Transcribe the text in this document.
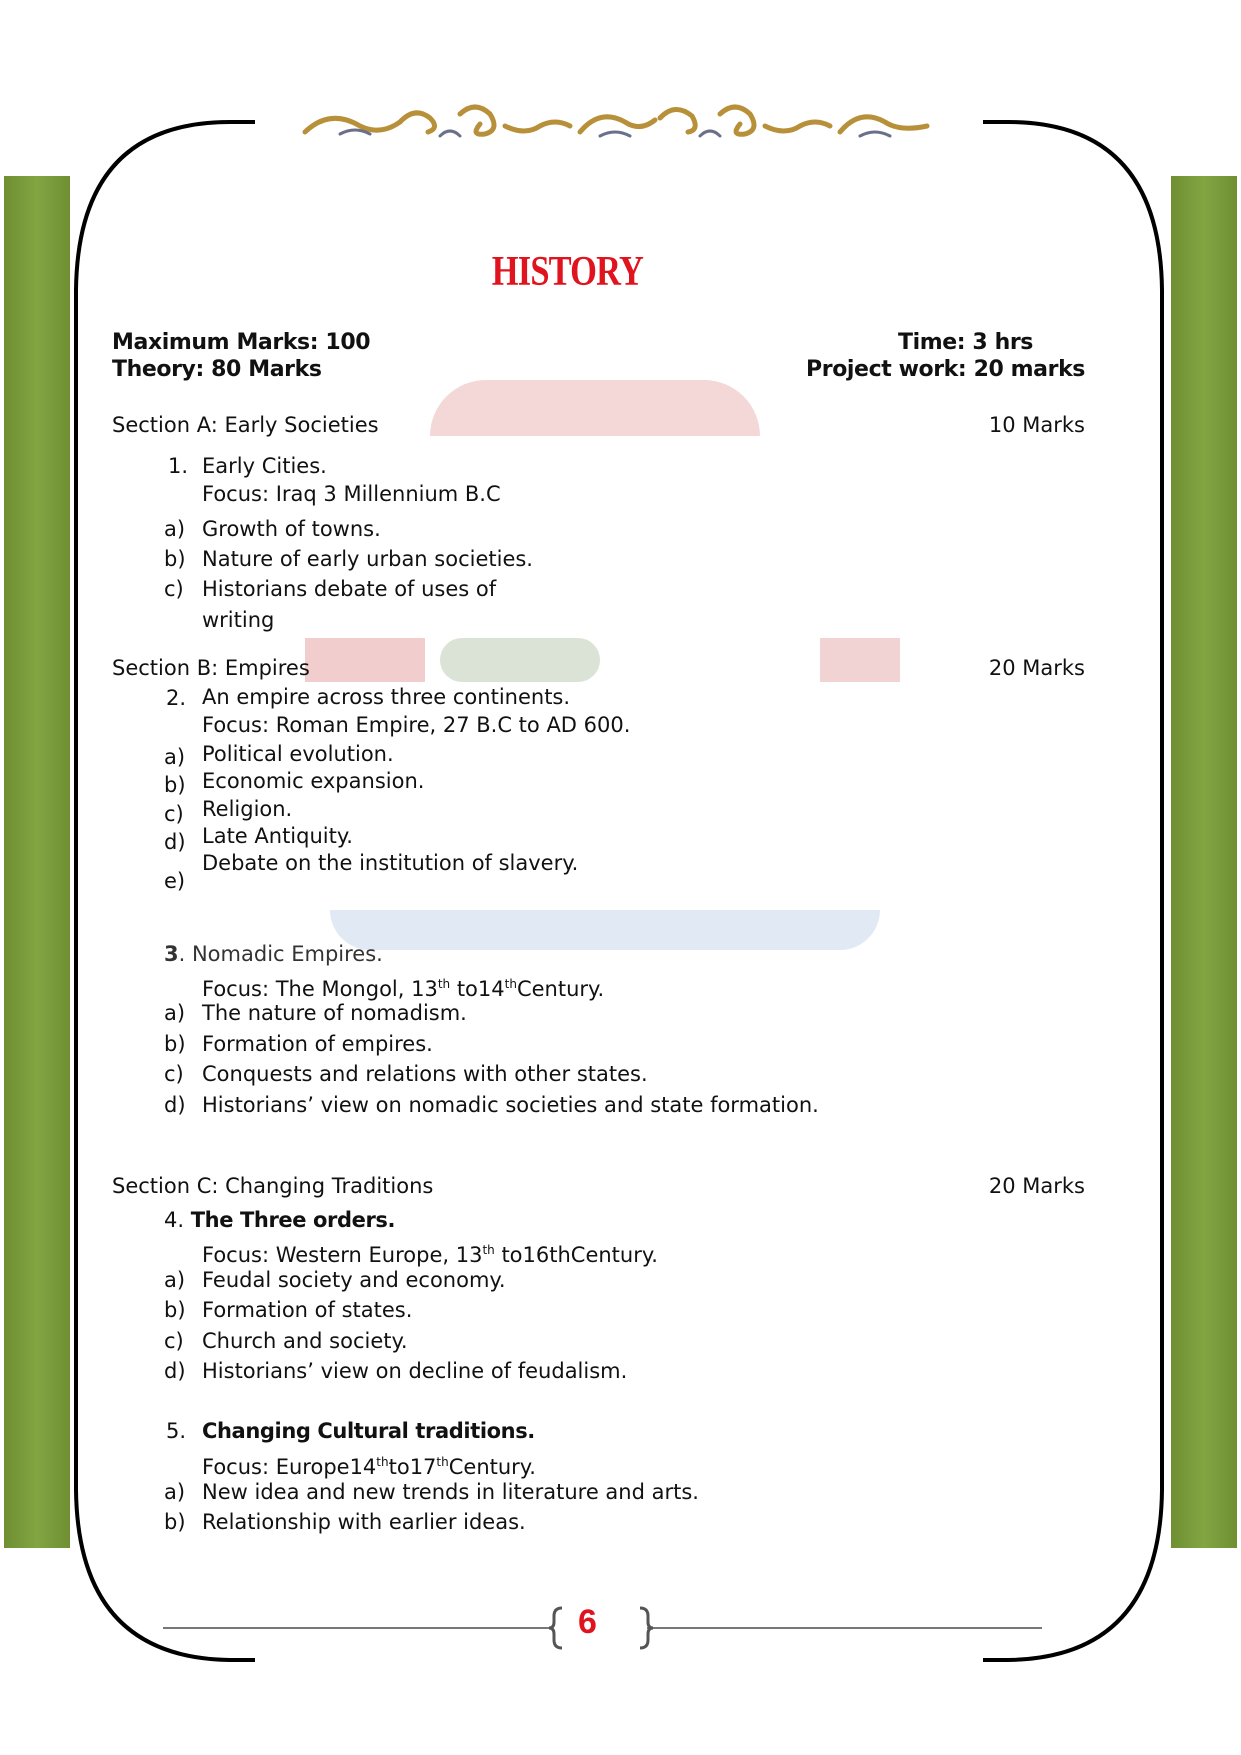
HISTORY
Maximum Marks: 100
Theory: 80 Marks
Time: 3 hrs
Project work: 20 marks
Section A: Early Societies	10 Marks
1. Early Cities.
Focus: Iraq 3 Millennium B.C
a) Growth of towns.
b) Nature of early urban societies.
c) Historians debate of uses of
writing
Section B: Empires	20 Marks
2. An empire across three continents.
Focus: Roman Empire, 27 B.C to AD 600.
a) Political evolution.
b) Economic expansion.
c) Religion.
d) Late Antiquity.
e)
Debate on the institution of slavery.
3. Nomadic Empires.
Focus: The Mongol, 13th to14thCentury.
a) The nature of nomadism.
b) Formation of empires.
c) Conquests and relations with other states.
d) Historians’ view on nomadic societies and state formation.
Section C: Changing Traditions	20 Marks
4. The Three orders.
Focus: Western Europe, 13th to16thCentury.
a) Feudal society and economy.
b) Formation of states.
c) Church and society.
d) Historians’ view on decline of feudalism.
5. Changing Cultural traditions.
Focus: Europe14thto17thCentury.
a) New idea and new trends in literature and arts.
b) Relationship with earlier ideas.
6
